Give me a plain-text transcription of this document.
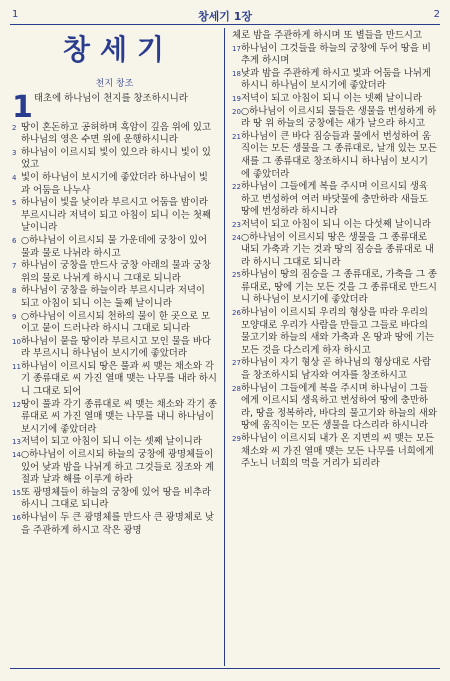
1	창세기 1장	2
창세기
천지 창조

1 태초에 하나님이 천지를 창조하시니라

2 땅이 혼돈하고 공허하며 흑암이 깊음 위에 있고 하나님의 영은 수면 위에 운행하시니라

3 하나님이 이르시되 빛이 있으라 하시니 빛이 있었고

4 빛이 하나님이 보시기에 좋았더라 하나님이 빛과 어둠을 나누사

5 하나님이 빛을 낮이라 부르시고 어둠을 밤이라 부르시니라 저녁이 되고 아침이 되니 이는 첫째 날이니라

6 ○하나님이 이르시되 물 가운데에 궁창이 있어 물과 물로 나뉘라 하시고

7 하나님이 궁창을 만드사 궁창 아래의 물과 궁창 위의 물로 나뉘게 하시니 그대로 되니라

8 하나님이 궁창을 하늘이라 부르시니라 저녁이 되고 아침이 되니 이는 둘째 날이니라

9 ○하나님이 이르시되 천하의 물이 한 곳으로 모이고 뭍이 드러나라 하시니 그대로 되니라

10하나님이 뭍을 땅이라 부르시고 모인 물을 바다라 부르시니 하나님이 보시기에 좋았더라

11하나님이 이르시되 땅은 풀과 씨 맺는 채소와 각기 종류대로 씨 가진 열매 맺는 나무를 내라 하시니 그대로 되어

12땅이 풀과 각기 종류대로 씨 맺는 채소와 각기 종류대로 씨 가진 열매 맺는 나무를 내니 하나님이 보시기에 좋았더라

13저녁이 되고 아침이 되니 이는 셋째 날이니라

14○하나님이 이르시되 하늘의 궁창에 광명체들이 있어 낮과 밤을 나뉘게 하고 그것들로 징조와 계절과 날과 해를 이루게 하라

15또 광명체들이 하늘의 궁창에 있어 땅을 비추라 하시니 그대로 되니라

16하나님이 두 큰 광명체를 만드사 큰 광명체로 낮을 주관하게 하시고 작은 광명

체로 밤을 주관하게 하시며 또 별들을 만드시고

17하나님이 그것들을 하늘의 궁창에 두어 땅을 비추게 하시며

18낮과 밤을 주관하게 하시고 빛과 어둠을 나뉘게 하시니 하나님이 보시기에 좋았더라

19저녁이 되고 아침이 되니 이는 넷째 날이니라

20○하나님이 이르시되 물들은 생물을 번성하게 하라 땅 위 하늘의 궁창에는 새가 날으라 하시고

21하나님이 큰 바다 짐승들과 물에서 번성하여 움직이는 모든 생물을 그 종류대로, 날개 있는 모든 새를 그 종류대로 창조하시니 하나님이 보시기에 좋았더라

22하나님이 그들에게 복을 주시며 이르시되 생육하고 번성하여 여러 바닷물에 충만하라 새들도 땅에 번성하라 하시니라

23저녁이 되고 아침이 되니 이는 다섯째 날이니라

24○하나님이 이르시되 땅은 생물을 그 종류대로 내되 가축과 기는 것과 땅의 짐승을 종류대로 내라 하시니 그대로 되니라

25하나님이 땅의 짐승을 그 종류대로, 가축을 그 종류대로, 땅에 기는 모든 것을 그 종류대로 만드시니 하나님이 보시기에 좋았더라

26하나님이 이르시되 우리의 형상을 따라 우리의 모양대로 우리가 사람을 만들고 그들로 바다의 물고기와 하늘의 새와 가축과 온 땅과 땅에 기는 모든 것을 다스리게 하자 하시고

27하나님이 자기 형상 곧 하나님의 형상대로 사람을 창조하시되 남자와 여자를 창조하시고

28하나님이 그들에게 복을 주시며 하나님이 그들에게 이르시되 생육하고 번성하여 땅에 충만하라, 땅을 정복하라, 바다의 물고기와 하늘의 새와 땅에 움직이는 모든 생물을 다스리라 하시니라

29하나님이 이르시되 내가 온 지면의 씨 맺는 모든 채소와 씨 가진 열매 맺는 모든 나무를 너희에게 주노니 너희의 먹을 거리가 되리라
